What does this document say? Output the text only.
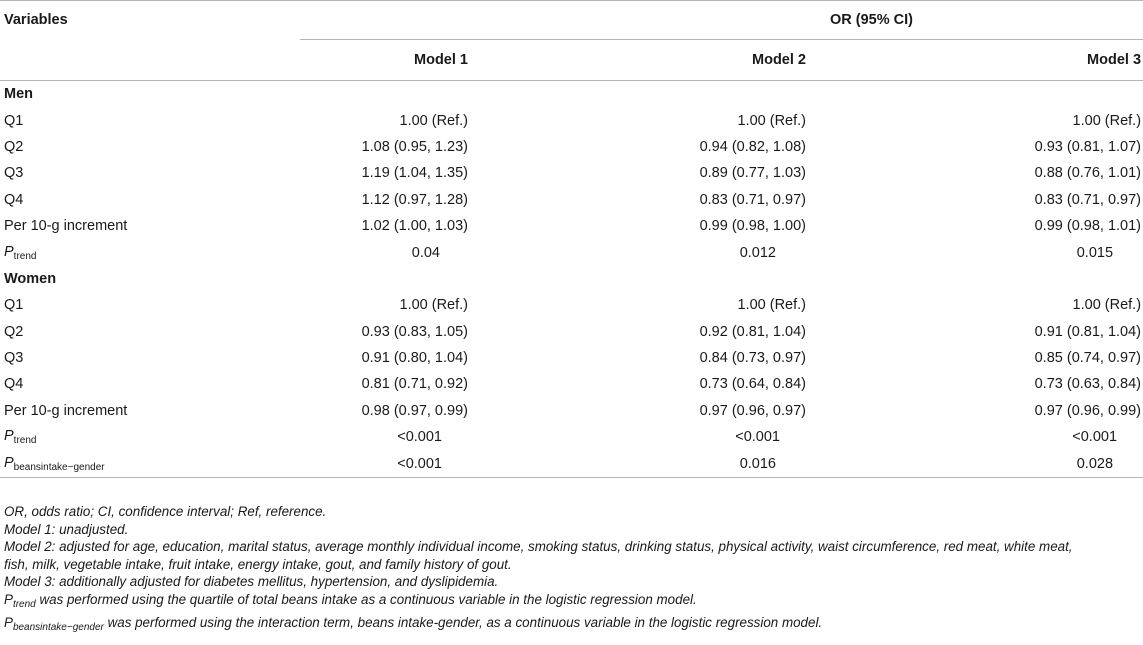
Variables	OR (95% CI)		
	Model 1	Model 2	Model 3
Men			
Q1	1.00 (Ref.)	1.00 (Ref.)	1.00 (Ref.)
Q2	1.08 (0.95, 1.23)	0.94 (0.82, 1.08)	0.93 (0.81, 1.07)
Q3	1.19 (1.04, 1.35)	0.89 (0.77, 1.03)	0.88 (0.76, 1.01)
Q4	1.12 (0.97, 1.28)	0.83 (0.71, 0.97)	0.83 (0.71, 0.97)
Per 10-g increment	1.02 (1.00, 1.03)	0.99 (0.98, 1.00)	0.99 (0.98, 1.01)
$P_{trend}$	0.04	0.012	0.015
Women			
Q1	1.00 (Ref.)	1.00 (Ref.)	1.00 (Ref.)
Q2	0.93 (0.83, 1.05)	0.92 (0.81, 1.04)	0.91 (0.81, 1.04)
Q3	0.91 (0.80, 1.04)	0.84 (0.73, 0.97)	0.85 (0.74, 0.97)
Q4	0.81 (0.71, 0.92)	0.73 (0.64, 0.84)	0.73 (0.63, 0.84)
Per 10-g increment	0.98 (0.97, 0.99)	0.97 (0.96, 0.97)	0.97 (0.96, 0.99)
$P_{trend}$	<0.001	<0.001	<0.001
$P_{beansintake-gender}$	<0.001	0.016	0.028
OR, odds ratio; CI, confidence interval; Ref, reference.
Model 1: unadjusted.
Model 2: adjusted for age, education, marital status, average monthly individual income, smoking status, drinking status, physical activity, waist circumference, red meat, white meat,
fish, milk, vegetable intake, fruit intake, energy intake, gout, and family history of gout.
Model 3: additionally adjusted for diabetes mellitus, hypertension, and dyslipidemia.
$P_{trend}$ was performed using the quartile of total beans intake as a continuous variable in the logistic regression model.
$P_{beansintake-gender}$ was performed using the interaction term, beans intake-gender, as a continuous variable in the logistic regression model.
